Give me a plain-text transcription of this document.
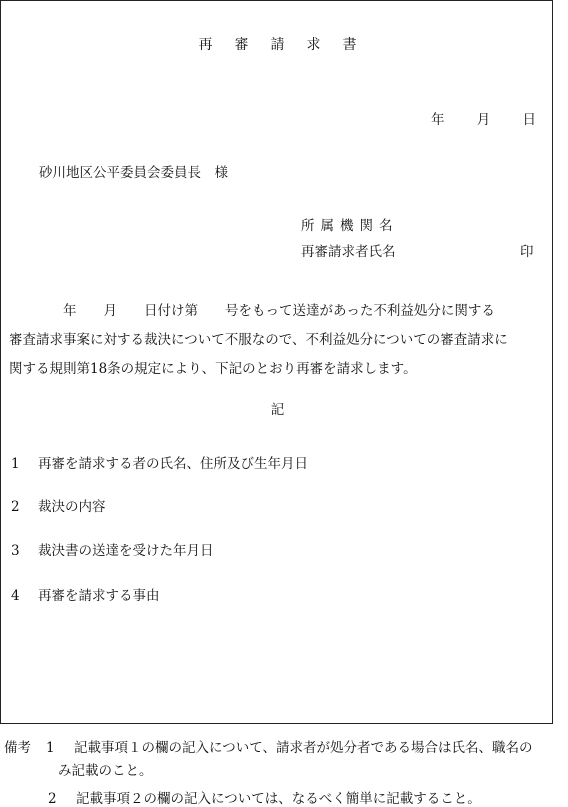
再審請求書
年 月 日
砂川地区公平委員会委員長　様
所属機関名
再審請求者氏名	印
　　　　年　　月　　日付け第　　号をもって送達があった不利益処分に関する
審査請求事案に対する裁決について不服なので、不利益処分についての審査請求に
関する規則第18条の規定により、下記のとおり再審を請求します。
記
1	再審を請求する者の氏名、住所及び生年月日
2	裁決の内容
3	裁決書の送達を受けた年月日
4	再審を請求する事由
備考 1 記載事項１の欄の記入について、請求者が処分者である場合は氏名、職名の
み記載のこと。
2 記載事項２の欄の記入については、なるべく簡単に記載すること。
